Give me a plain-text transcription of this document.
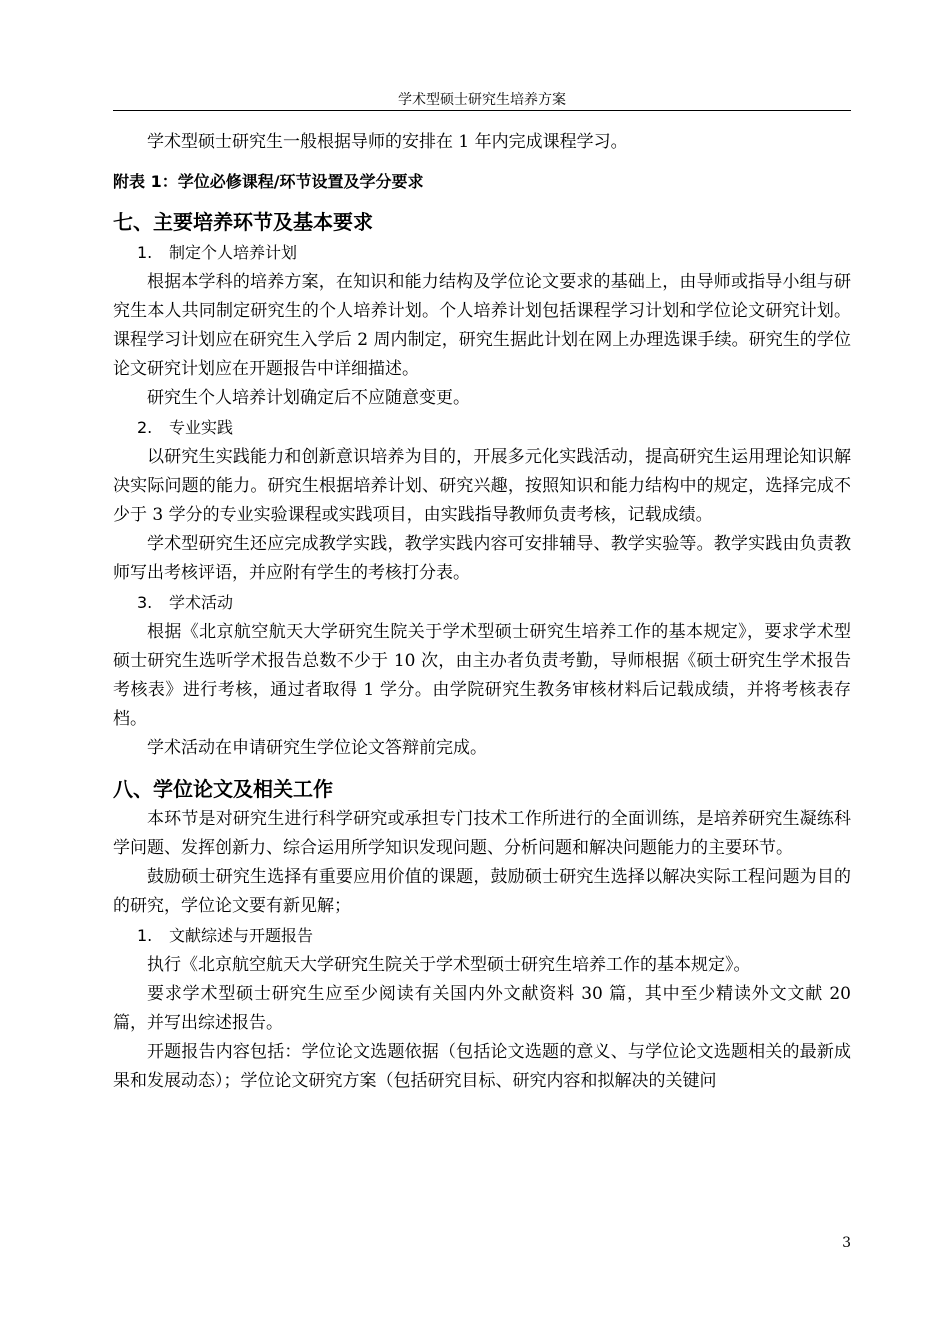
学术型硕士研究生培养方案

学术型硕士研究生一般根据导师的安排在 1 年内完成课程学习。

附表 1：学位必修课程/环节设置及学分要求

七、主要培养环节及基本要求

1. 制定个人培养计划

根据本学科的培养方案，在知识和能力结构及学位论文要求的基础上，由导师或指导小组与研究生本人共同制定研究生的个人培养计划。个人培养计划包括课程学习计划和学位论文研究计划。课程学习计划应在研究生入学后 2 周内制定，研究生据此计划在网上办理选课手续。研究生的学位论文研究计划应在开题报告中详细描述。

研究生个人培养计划确定后不应随意变更。

2. 专业实践

以研究生实践能力和创新意识培养为目的，开展多元化实践活动，提高研究生运用理论知识解决实际问题的能力。研究生根据培养计划、研究兴趣，按照知识和能力结构中的规定，选择完成不少于 3 学分的专业实验课程或实践项目，由实践指导教师负责考核，记载成绩。

学术型研究生还应完成教学实践，教学实践内容可安排辅导、教学实验等。教学实践由负责教师写出考核评语，并应附有学生的考核打分表。

3. 学术活动

根据《北京航空航天大学研究生院关于学术型硕士研究生培养工作的基本规定》，要求学术型硕士研究生选听学术报告总数不少于 10 次，由主办者负责考勤，导师根据《硕士研究生学术报告考核表》进行考核，通过者取得 1 学分。由学院研究生教务审核材料后记载成绩，并将考核表存档。

学术活动在申请研究生学位论文答辩前完成。

八、学位论文及相关工作

本环节是对研究生进行科学研究或承担专门技术工作所进行的全面训练，是培养研究生凝练科学问题、发挥创新力、综合运用所学知识发现问题、分析问题和解决问题能力的主要环节。

鼓励硕士研究生选择有重要应用价值的课题，鼓励硕士研究生选择以解决实际工程问题为目的的研究，学位论文要有新见解；

1. 文献综述与开题报告

执行《北京航空航天大学研究生院关于学术型硕士研究生培养工作的基本规定》。

要求学术型硕士研究生应至少阅读有关国内外文献资料 30 篇，其中至少精读外文文献 20 篇，并写出综述报告。

开题报告内容包括：学位论文选题依据（包括论文选题的意义、与学位论文选题相关的最新成果和发展动态）；学位论文研究方案（包括研究目标、研究内容和拟解决的关键问

3
